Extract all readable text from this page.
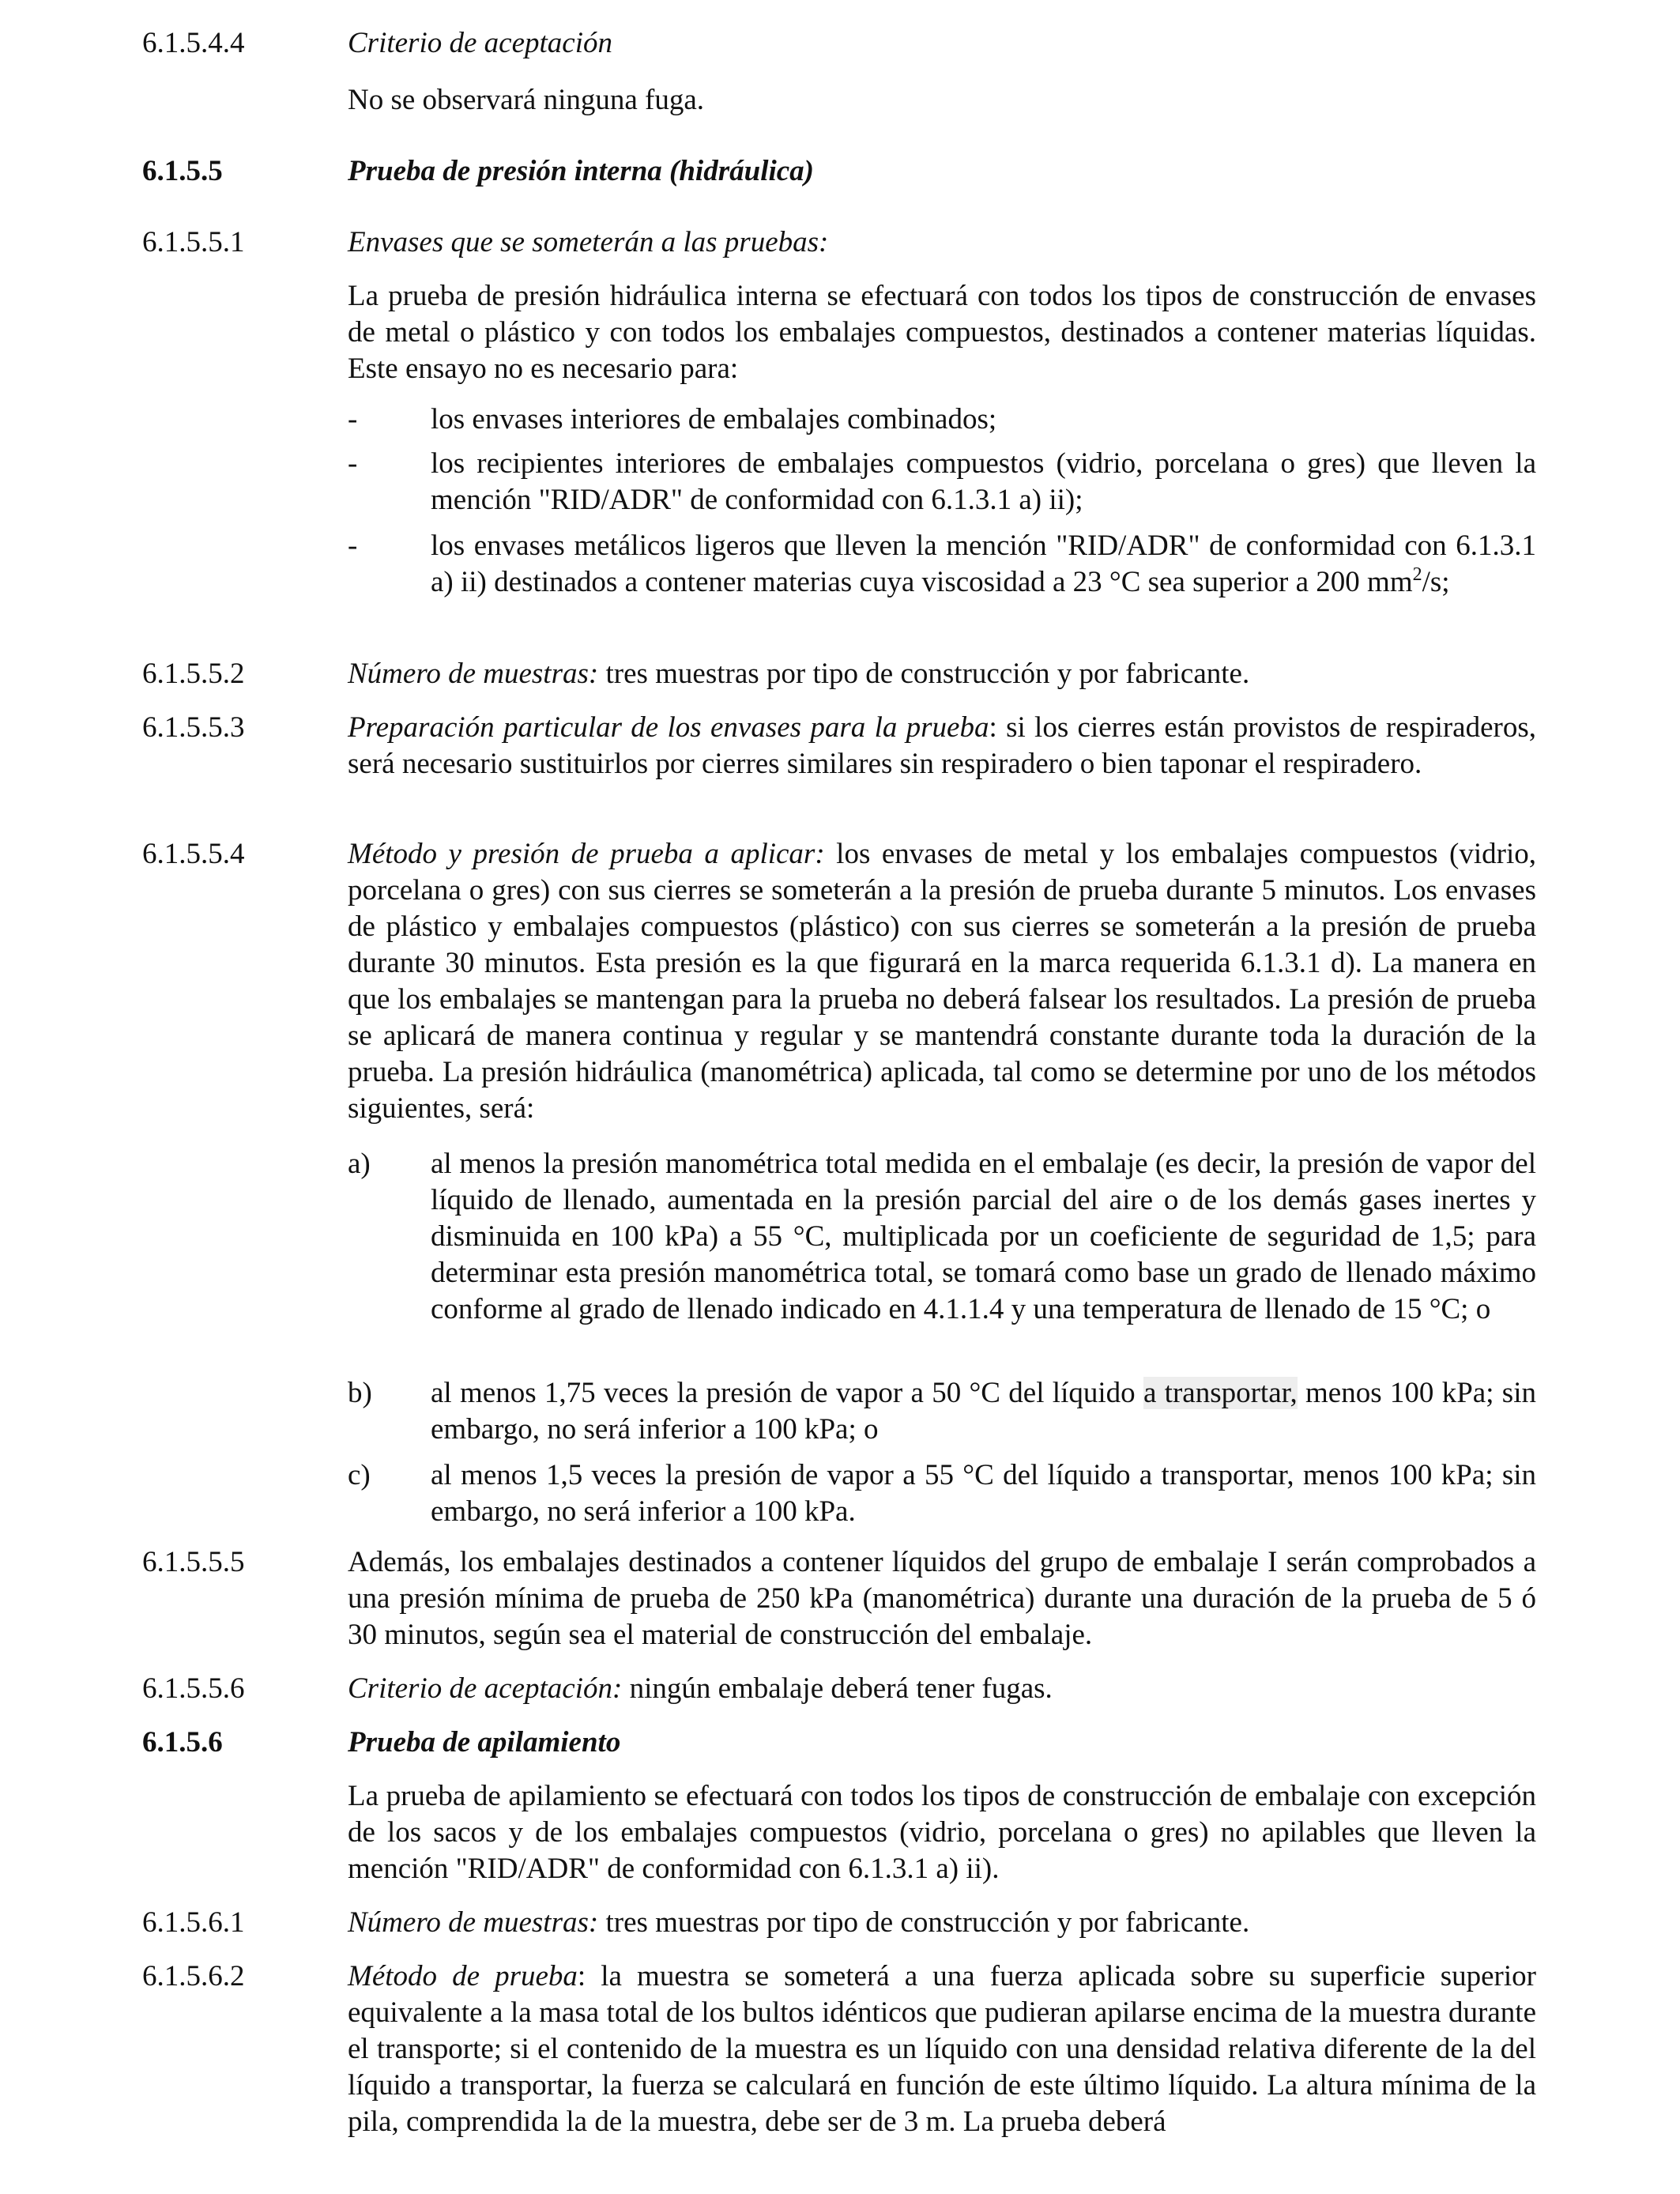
6.1.5.4.4	Criterio de aceptación
No se observará ninguna fuga.
6.1.5.5	Prueba de presión interna (hidráulica)
6.1.5.5.1	Envases que se someterán a las pruebas:
La prueba de presión hidráulica interna se efectuará con todos los tipos de construcción de envases de metal o plástico y con todos los embalajes compuestos, destinados a contener materias líquidas. Este ensayo no es necesario para:
-	los envases interiores de embalajes combinados;
-	los recipientes interiores de embalajes compuestos (vidrio, porcelana o gres) que lleven la mención "RID/ADR" de conformidad con 6.1.3.1 a) ii);
-	los envases metálicos ligeros que lleven la mención "RID/ADR" de conformidad con 6.1.3.1 a) ii) destinados a contener materias cuya viscosidad a 23 °C sea superior a 200 $mm^2/s$;
6.1.5.5.2	Número de muestras: tres muestras por tipo de construcción y por fabricante.
6.1.5.5.3	Preparación particular de los envases para la prueba: si los cierres están provistos de respiraderos, será necesario sustituirlos por cierres similares sin respiradero o bien taponar el respiradero.
6.1.5.5.4	Método y presión de prueba a aplicar: los envases de metal y los embalajes compuestos (vidrio, porcelana o gres) con sus cierres se someterán a la presión de prueba durante 5 minutos. Los envases de plástico y embalajes compuestos (plástico) con sus cierres se someterán a la presión de prueba durante 30 minutos. Esta presión es la que figurará en la marca requerida 6.1.3.1 d). La manera en que los embalajes se mantengan para la prueba no deberá falsear los resultados. La presión de prueba se aplicará de manera continua y regular y se mantendrá constante durante toda la duración de la prueba. La presión hidráulica (manométrica) aplicada, tal como se determine por uno de los métodos siguientes, será:
a) al menos la presión manométrica total medida en el embalaje (es decir, la presión de vapor del líquido de llenado, aumentada en la presión parcial del aire o de los demás gases inertes y disminuida en 100 kPa) a 55 °C, multiplicada por un coeficiente de seguridad de 1,5; para determinar esta presión manométrica total, se tomará como base un grado de llenado máximo conforme al grado de llenado indicado en 4.1.1.4 y una temperatura de llenado de 15 °C; o
b) al menos 1,75 veces la presión de vapor a 50 °C del líquido a transportar, menos 100 kPa; sin embargo, no será inferior a 100 kPa; o
c) al menos 1,5 veces la presión de vapor a 55 °C del líquido a transportar, menos 100 kPa; sin embargo, no será inferior a 100 kPa.
6.1.5.5.5	Además, los embalajes destinados a contener líquidos del grupo de embalaje I serán comprobados a una presión mínima de prueba de 250 kPa (manométrica) durante una duración de la prueba de 5 ó 30 minutos, según sea el material de construcción del embalaje.
6.1.5.5.6	Criterio de aceptación: ningún embalaje deberá tener fugas.
6.1.5.6	Prueba de apilamiento
La prueba de apilamiento se efectuará con todos los tipos de construcción de embalaje con excepción de los sacos y de los embalajes compuestos (vidrio, porcelana o gres) no apilables que lleven la mención "RID/ADR" de conformidad con 6.1.3.1 a) ii).
6.1.5.6.1	Número de muestras: tres muestras por tipo de construcción y por fabricante.
6.1.5.6.2	Método de prueba: la muestra se someterá a una fuerza aplicada sobre su superficie superior equivalente a la masa total de los bultos idénticos que pudieran apilarse encima de la muestra durante el transporte; si el contenido de la muestra es un líquido con una densidad relativa diferente de la del líquido a transportar, la fuerza se calculará en función de este último líquido. La altura mínima de la pila, comprendida la de la muestra, debe ser de 3 m. La prueba deberá
